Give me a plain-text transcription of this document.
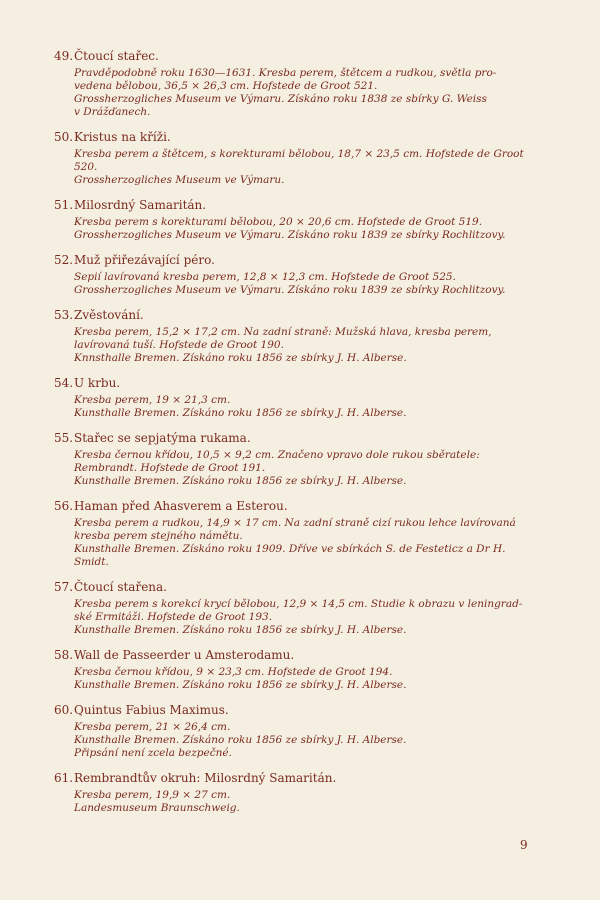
49. Čtoucí stařec.
Pravděpodobně roku 1630—1631. Kresba perem, štětcem a rudkou, světla pro-
vedena bělobou, 36,5 × 26,3 cm. Hofstede de Groot 521.
Grossherzogliches Museum ve Výmaru. Získáno roku 1838 ze sbírky G. Weiss
v Drážďanech.
50. Kristus na kříži.
Kresba perem a štětcem, s korekturami bělobou, 18,7 × 23,5 cm. Hofstede de Groot
520.
Grossherzogliches Museum ve Výmaru.
51. Milosrdný Samaritán.
Kresba perem s korekturami bělobou, 20 × 20,6 cm. Hofstede de Groot 519.
Grossherzogliches Museum ve Výmaru. Získáno roku 1839 ze sbírky Rochlitzovy.
52. Muž přiřezávající péro.
Sepií lavírovaná kresba perem, 12,8 × 12,3 cm. Hofstede de Groot 525.
Grossherzogliches Museum ve Výmaru. Získáno roku 1839 ze sbírky Rochlitzovy.
53. Zvěstování.
Kresba perem, 15,2 × 17,2 cm. Na zadní straně: Mužská hlava, kresba perem,
lavírovaná tuší. Hofstede de Groot 190.
Knnsthalle Bremen. Získáno roku 1856 ze sbírky J. H. Alberse.
54. U krbu.
Kresba perem, 19 × 21,3 cm.
Kunsthalle Bremen. Získáno roku 1856 ze sbírky J. H. Alberse.
55. Stařec se sepjatýma rukama.
Kresba černou křídou, 10,5 × 9,2 cm. Značeno vpravo dole rukou sběratele:
Rembrandt. Hofstede de Groot 191.
Kunsthalle Bremen. Získáno roku 1856 ze sbírky J. H. Alberse.
56. Haman před Ahasverem a Esterou.
Kresba perem a rudkou, 14,9 × 17 cm. Na zadní straně cizí rukou lehce lavírovaná
kresba perem stejného námětu.
Kunsthalle Bremen. Získáno roku 1909. Dříve ve sbírkách S. de Festeticz a Dr H.
Smidt.
57. Čtoucí stařena.
Kresba perem s korekcí krycí bělobou, 12,9 × 14,5 cm. Studie k obrazu v leningrad-
ské Ermitáži. Hofstede de Groot 193.
Kunsthalle Bremen. Získáno roku 1856 ze sbírky J. H. Alberse.
58. Wall de Passeerder u Amsterodamu.
Kresba černou křídou, 9 × 23,3 cm. Hofstede de Groot 194.
Kunsthalle Bremen. Získáno roku 1856 ze sbírky J. H. Alberse.
60. Quintus Fabius Maximus.
Kresba perem, 21 × 26,4 cm.
Kunsthalle Bremen. Získáno roku 1856 ze sbírky J. H. Alberse.
Připsání není zcela bezpečné.
61. Rembrandtův okruh: Milosrdný Samaritán.
Kresba perem, 19,9 × 27 cm.
Landesmuseum Braunschweig.
9
